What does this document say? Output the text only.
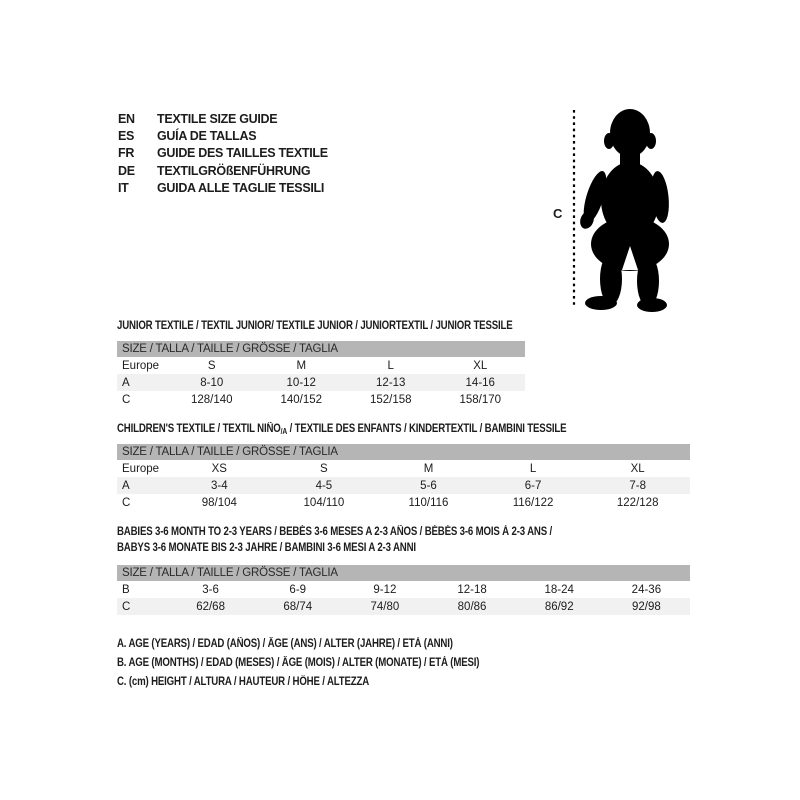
EN	TEXTILE SIZE GUIDE
ES	GUÍA DE TALLAS
FR	GUIDE DES TAILLES TEXTILE
DE	TEXTILGRÖßENFÜHRUNG
IT	GUIDA ALLE TAGLIE TESSILI
C
JUNIOR TEXTILE / TEXTIL JUNIOR/ TEXTILE JUNIOR / JUNIORTEXTIL / JUNIOR TESSILE
SIZE / TALLA / TAILLE / GRÖSSE / TAGLIA				
Europe	S	M	L	XL
A	8-10	10-12	12-13	14-16
C	128/140	140/152	152/158	158/170
CHILDREN'S TEXTILE / TEXTIL $NIÑO_{/A}$ / TEXTILE DES ENFANTS / KINDERTEXTIL / BAMBINI TESSILE
SIZE / TALLA / TAILLE / GRÖSSE / TAGLIA					
Europe	XS	S	M	L	XL
A	3-4	4-5	5-6	6-7	7-8
C	98/104	104/110	110/116	116/122	122/128
BABIES 3-6 MONTH TO 2-3 YEARS / BEBÉS 3-6 MESES A 2-3 AÑOS / BÉBÉS 3-6 MOIS À 2-3 ANS /
BABYS 3-6 MONATE BIS 2-3 JAHRE / BAMBINI 3-6 MESI A 2-3 ANNI
SIZE / TALLA / TAILLE / GRÖSSE / TAGLIA						
B	3-6	6-9	9-12	12-18	18-24	24-36
C	62/68	68/74	74/80	80/86	86/92	92/98
A. AGE (YEARS) / EDAD (AÑOS) / ÂGE (ANS) / ALTER (JAHRE) / ETÀ (ANNI)
B. AGE (MONTHS) / EDAD (MESES) / ÂGE (MOIS) / ALTER (MONATE) / ETÀ (MESI)
C. (cm) HEIGHT / ALTURA / HAUTEUR / HÖHE / ALTEZZA
